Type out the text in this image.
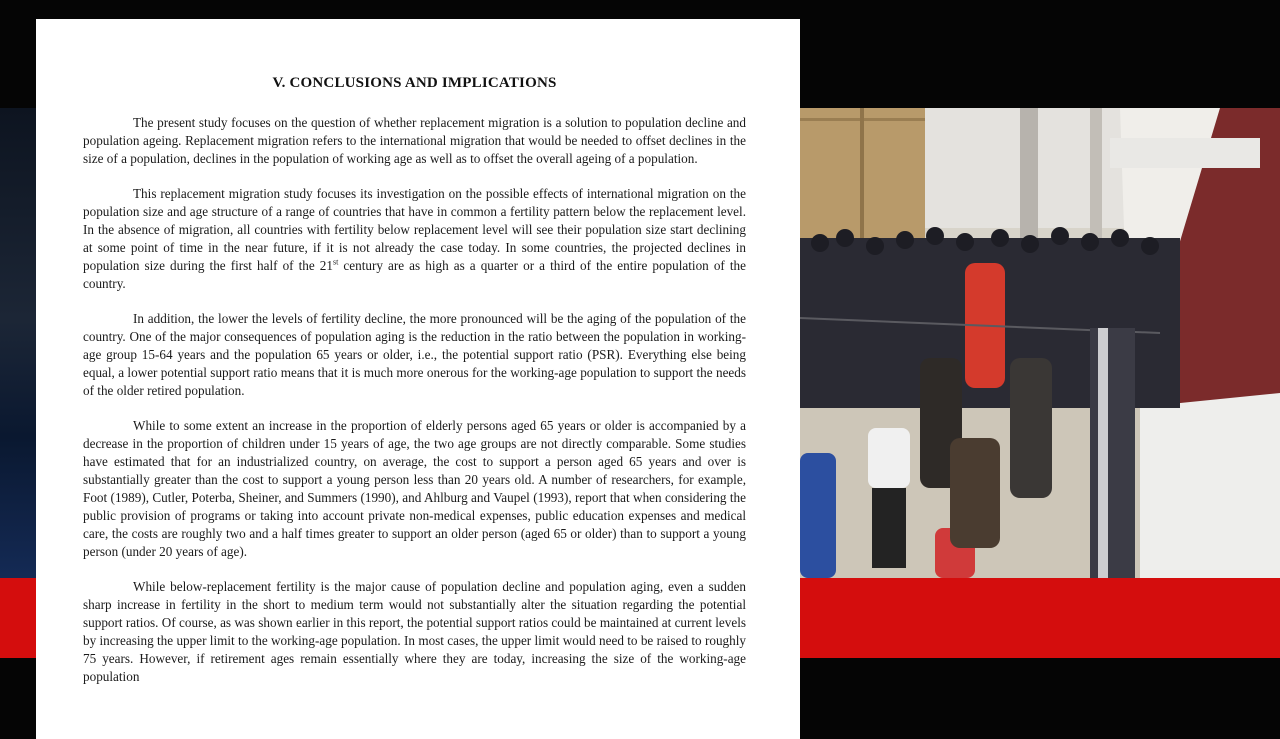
V. CONCLUSIONS AND IMPLICATIONS

The present study focuses on the question of whether replacement migration is a solution to population decline and population ageing. Replacement migration refers to the international migration that would be needed to offset declines in the size of a population, declines in the population of working age as well as to offset the overall ageing of a population.

This replacement migration study focuses its investigation on the possible effects of international migration on the population size and age structure of a range of countries that have in common a fertility pattern below the replacement level. In the absence of migration, all countries with fertility below replacement level will see their population size start declining at some point of time in the near future, if it is not already the case today. In some countries, the projected declines in population size during the first half of the 21st century are as high as a quarter or a third of the entire population of the country.

In addition, the lower the levels of fertility decline, the more pronounced will be the aging of the population of the country. One of the major consequences of population aging is the reduction in the ratio between the population in working-age group 15-64 years and the population 65 years or older, i.e., the potential support ratio (PSR). Everything else being equal, a lower potential support ratio means that it is much more onerous for the working-age population to support the needs of the older retired population.

While to some extent an increase in the proportion of elderly persons aged 65 years or older is accompanied by a decrease in the proportion of children under 15 years of age, the two age groups are not directly comparable. Some studies have estimated that for an industrialized country, on average, the cost to support a person aged 65 years and over is substantially greater than the cost to support a young person less than 20 years old. A number of researchers, for example, Foot (1989), Cutler, Poterba, Sheiner, and Summers (1990), and Ahlburg and Vaupel (1993), report that when considering the public provision of programs or taking into account private non-medical expenses, public education expenses and medical care, the costs are roughly two and a half times greater to support an older person (aged 65 or older) than to support a young person (under 20 years of age).

While below-replacement fertility is the major cause of population decline and population aging, even a sudden sharp increase in fertility in the short to medium term would not substantially alter the situation regarding the potential support ratios. Of course, as was shown earlier in this report, the potential support ratios could be maintained at current levels by increasing the upper limit to the working-age population. In most cases, the upper limit would need to be raised to roughly 75 years. However, if retirement ages remain essentially where they are today, increasing the size of the working-age population
